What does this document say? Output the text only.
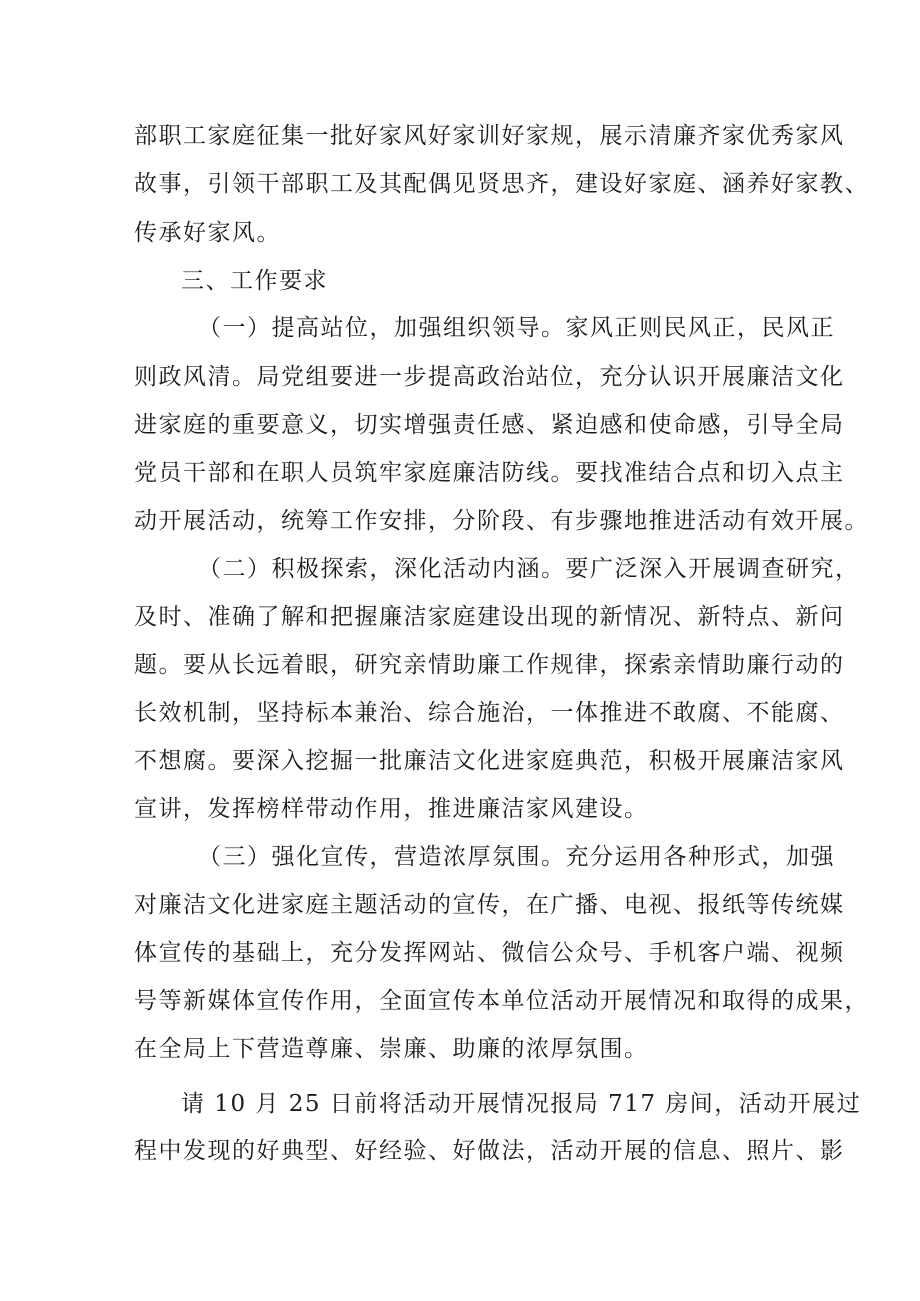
部职工家庭征集一批好家风好家训好家规，展示清廉齐家优秀家风
故事，引领干部职工及其配偶见贤思齐，建设好家庭、涵养好家教、
传承好家风。
三、工作要求
（一）提高站位，加强组织领导。家风正则民风正，民风正
则政风清。局党组要进一步提高政治站位，充分认识开展廉洁文化
进家庭的重要意义，切实增强责任感、紧迫感和使命感，引导全局
党员干部和在职人员筑牢家庭廉洁防线。要找准结合点和切入点主
动开展活动，统筹工作安排，分阶段、有步骤地推进活动有效开展。
（二）积极探索，深化活动内涵。要广泛深入开展调查研究，
及时、准确了解和把握廉洁家庭建设出现的新情况、新特点、新问
题。要从长远着眼，研究亲情助廉工作规律，探索亲情助廉行动的
长效机制，坚持标本兼治、综合施治，一体推进不敢腐、不能腐、
不想腐。要深入挖掘一批廉洁文化进家庭典范，积极开展廉洁家风
宣讲，发挥榜样带动作用，推进廉洁家风建设。
（三）强化宣传，营造浓厚氛围。充分运用各种形式，加强
对廉洁文化进家庭主题活动的宣传，在广播、电视、报纸等传统媒
体宣传的基础上，充分发挥网站、微信公众号、手机客户端、视频
号等新媒体宣传作用，全面宣传本单位活动开展情况和取得的成果，
在全局上下营造尊廉、崇廉、助廉的浓厚氛围。
请 10 月 25 日前将活动开展情况报局 717 房间，活动开展过
程中发现的好典型、好经验、好做法，活动开展的信息、照片、影
